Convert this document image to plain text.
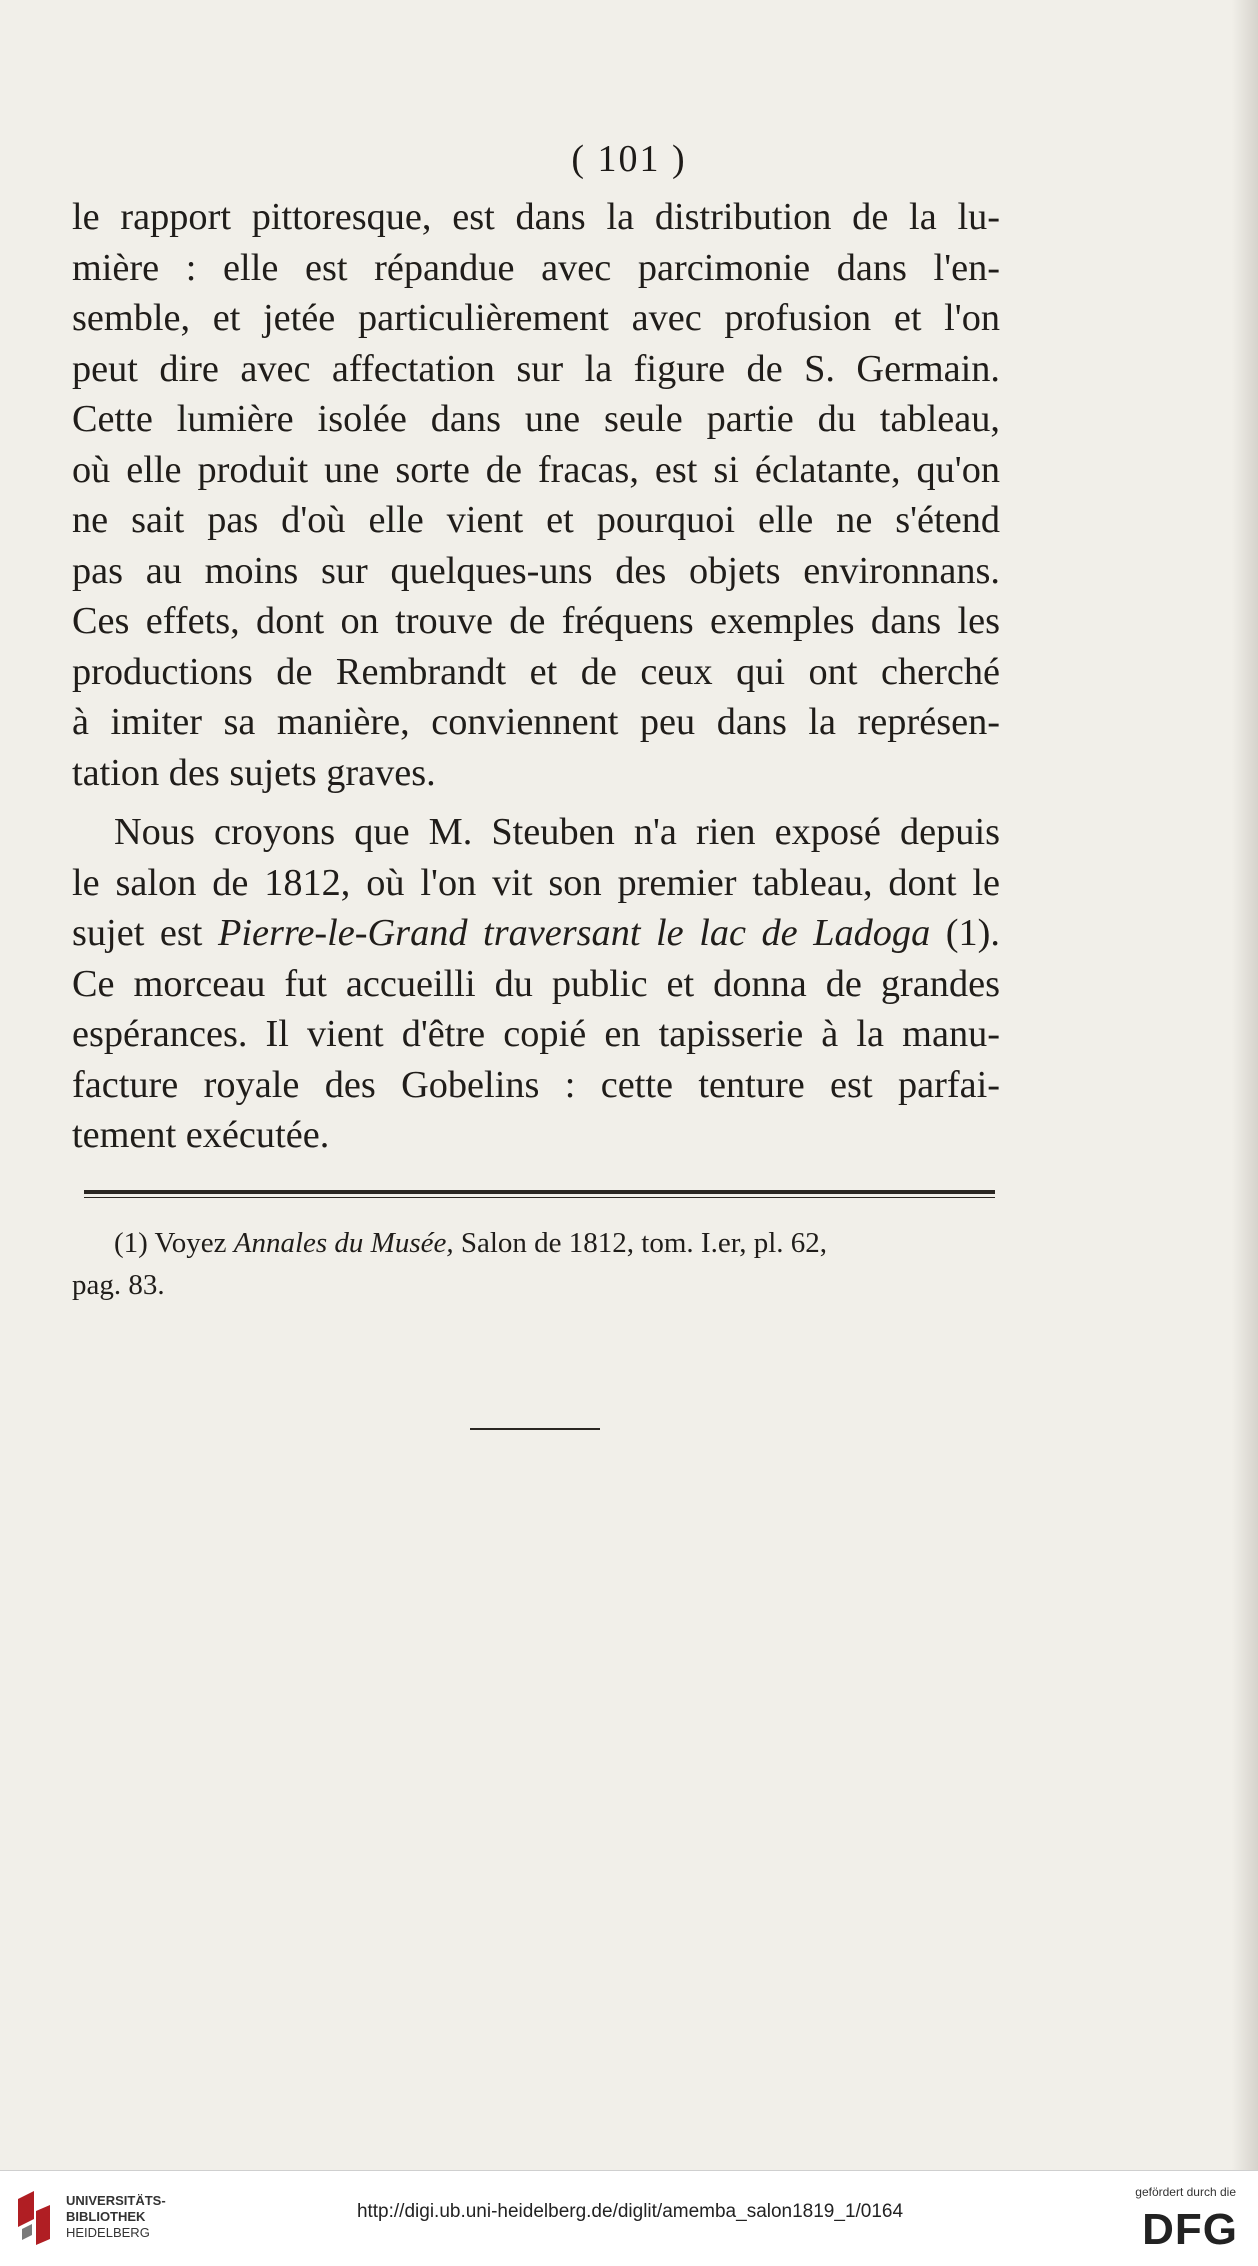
( 101 )
le rapport pittoresque, est dans la distribution de la lu-
mière : elle est répandue avec parcimonie dans l'en-
semble, et jetée particulièrement avec profusion et l'on
peut dire avec affectation sur la figure de S. Germain.
Cette lumière isolée dans une seule partie du tableau,
où elle produit une sorte de fracas, est si éclatante, qu'on
ne sait pas d'où elle vient et pourquoi elle ne s'étend
pas au moins sur quelques-uns des objets environnans.
Ces effets, dont on trouve de fréquens exemples dans les
productions de Rembrandt et de ceux qui ont cherché
à imiter sa manière, conviennent peu dans la représen-
tation des sujets graves.
Nous croyons que M. Steuben n'a rien exposé depuis
le salon de 1812, où l'on vit son premier tableau, dont le
sujet est Pierre-le-Grand traversant le lac de Ladoga (1).
Ce morceau fut accueilli du public et donna de grandes
espérances. Il vient d'être copié en tapisserie à la manu-
facture royale des Gobelins : cette tenture est parfai-
tement exécutée.
(1) Voyez Annales du Musée, Salon de 1812, tom. I.er, pl. 62,
pag. 83.
UNIVERSITÄTS-
BIBLIOTHEK
HEIDELBERG
http://digi.ub.uni-heidelberg.de/diglit/amemba_salon1819_1/0164
gefördert durch die
DFG
